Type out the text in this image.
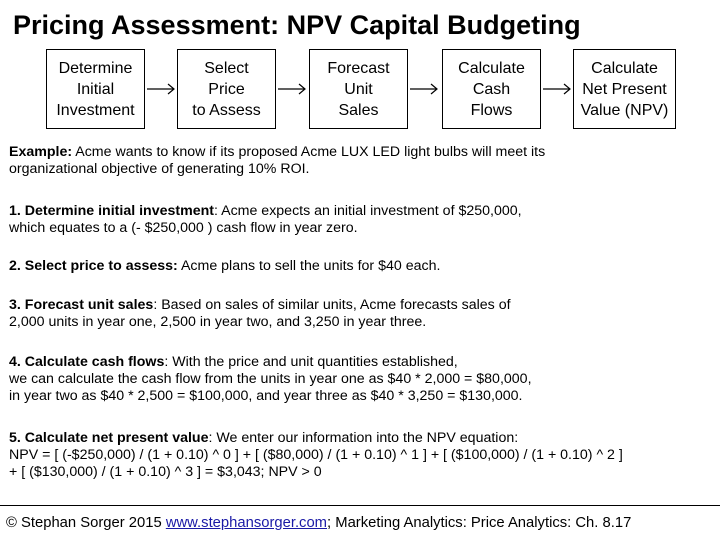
Pricing Assessment: NPV Capital Budgeting
Determine
Initial
Investment
Select
Price
to Assess
Forecast
Unit
Sales
Calculate
Cash
Flows
Calculate
Net Present
Value (NPV)
Example: Acme wants to know if its proposed Acme LUX LED light bulbs will meet its
organizational objective of generating 10% ROI.
1. Determine initial investment: Acme expects an initial investment of $250,000,
which equates to a (- $250,000 ) cash flow in year zero.
2. Select price to assess: Acme plans to sell the units for $40 each.
3. Forecast unit sales: Based on sales of similar units, Acme forecasts sales of
2,000 units in year one, 2,500 in year two, and 3,250 in year three.
4. Calculate cash flows: With the price and unit quantities established,
we can calculate the cash flow from the units in year one as $40 * 2,000 = $80,000,
in year two as $40 * 2,500 = $100,000, and year three as $40 * 3,250 = $130,000.
5. Calculate net present value: We enter our information into the NPV equation:
NPV = [ (-$250,000) / (1 + 0.10) ^ 0 ] + [ ($80,000) / (1 + 0.10) ^ 1 ] + [ ($100,000) / (1 + 0.10) ^ 2 ]
+ [ ($130,000) / (1 + 0.10) ^ 3 ] = $3,043; NPV > 0
© Stephan Sorger 2015 www.stephansorger.com; Marketing Analytics: Price Analytics: Ch. 8.17
